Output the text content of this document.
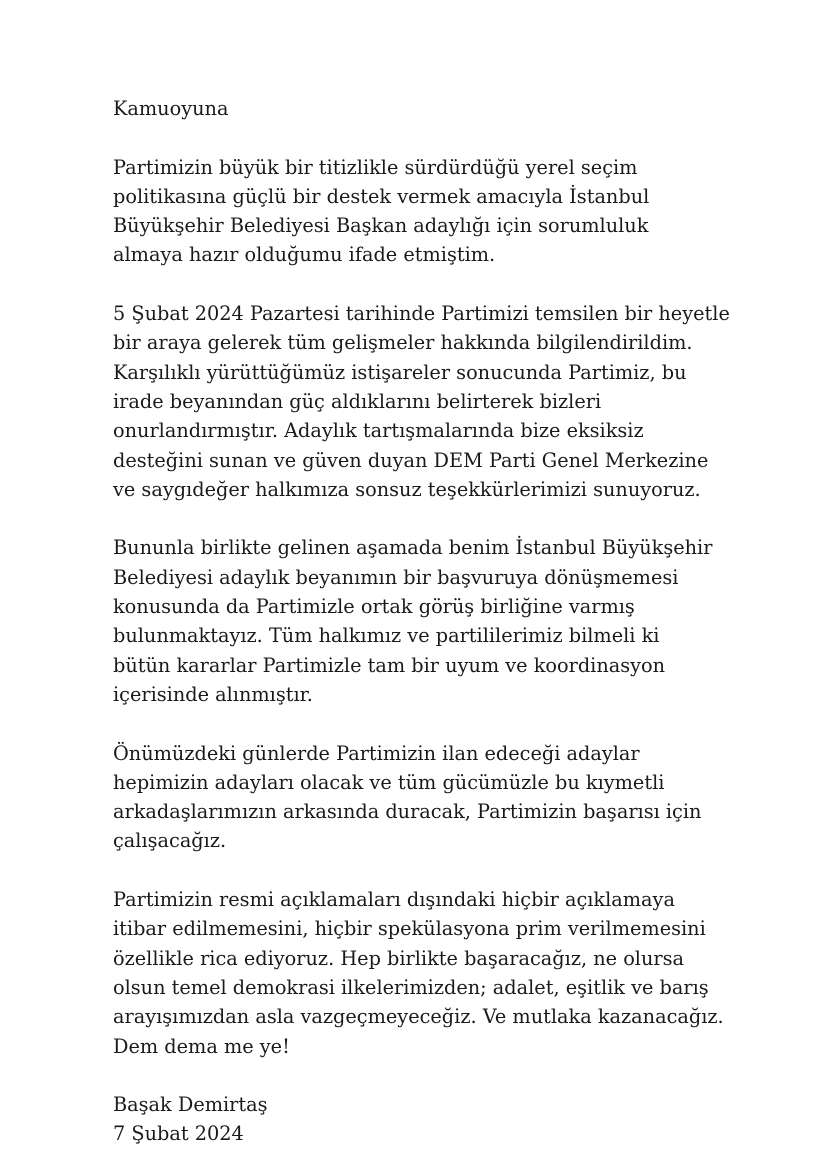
Kamuoyuna

Partimizin büyük bir titizlikle sürdürdüğü yerel seçim
politikasına güçlü bir destek vermek amacıyla İstanbul
Büyükşehir Belediyesi Başkan adaylığı için sorumluluk
almaya hazır olduğumu ifade etmiştim.

5 Şubat 2024 Pazartesi tarihinde Partimizi temsilen bir heyetle
bir araya gelerek tüm gelişmeler hakkında bilgilendirildim.
Karşılıklı yürüttüğümüz istişareler sonucunda Partimiz, bu
irade beyanından güç aldıklarını belirterek bizleri
onurlandırmıştır. Adaylık tartışmalarında bize eksiksiz
desteğini sunan ve güven duyan DEM Parti Genel Merkezine
ve saygıdeğer halkımıza sonsuz teşekkürlerimizi sunuyoruz.

Bununla birlikte gelinen aşamada benim İstanbul Büyükşehir
Belediyesi adaylık beyanımın bir başvuruya dönüşmemesi
konusunda da Partimizle ortak görüş birliğine varmış
bulunmaktayız. Tüm halkımız ve partililerimiz bilmeli ki
bütün kararlar Partimizle tam bir uyum ve koordinasyon
içerisinde alınmıştır.

Önümüzdeki günlerde Partimizin ilan edeceği adaylar
hepimizin adayları olacak ve tüm gücümüzle bu kıymetli
arkadaşlarımızın arkasında duracak, Partimizin başarısı için
çalışacağız.

Partimizin resmi açıklamaları dışındaki hiçbir açıklamaya
itibar edilmemesini, hiçbir spekülasyona prim verilmemesini
özellikle rica ediyoruz. Hep birlikte başaracağız, ne olursa
olsun temel demokrasi ilkelerimizden; adalet, eşitlik ve barış
arayışımızdan asla vazgeçmeyeceğiz. Ve mutlaka kazanacağız.
Dem dema me ye!

Başak Demirtaş
7 Şubat 2024
